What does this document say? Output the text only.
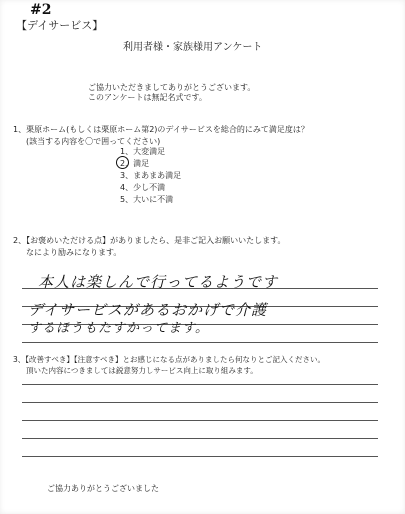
#2
【デイサービス】
利用者様・家族様用アンケート
ご協力いただきましてありがとうございます。
このアンケートは無記名式です。
1、栗原ホーム(もしくは栗原ホーム第2)のデイサービスを総合的にみて満足度は？
(該当する内容を〇で囲ってください)
1、大変満足
2、満足
3、まあまあ満足
4、少し不満
5、大いに不満
2、【お褒めいただける点】がありましたら、是非ご記入お願いいたします。
なにより励みになります。
本人は楽しんで行ってるようです
デイサービスがあるおかげで介護
するほうもたすかってます。
3、【改善すべき】【注意すべき】とお感じになる点がありましたら何なりとご記入ください。
頂いた内容につきましては鋭意努力しサービス向上に取り組みます。
ご協力ありがとうございました
